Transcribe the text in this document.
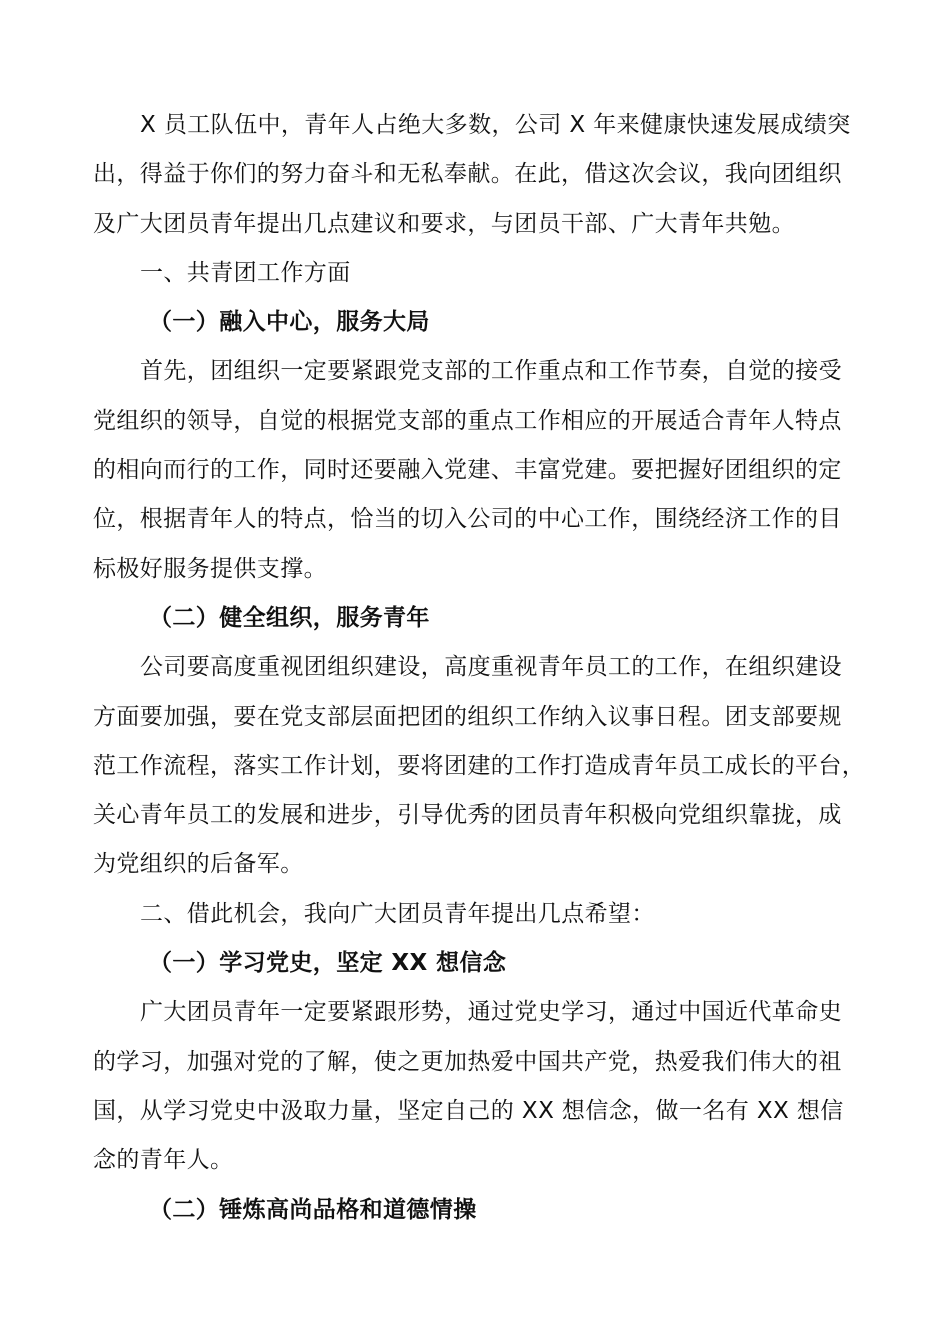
X 员工队伍中，青年人占绝大多数，公司 X 年来健康快速发展成绩突
出，得益于你们的努力奋斗和无私奉献。在此，借这次会议，我向团组织
及广大团员青年提出几点建议和要求，与团员干部、广大青年共勉。
一、共青团工作方面
（一）融入中心，服务大局
首先，团组织一定要紧跟党支部的工作重点和工作节奏，自觉的接受
党组织的领导，自觉的根据党支部的重点工作相应的开展适合青年人特点
的相向而行的工作，同时还要融入党建、丰富党建。要把握好团组织的定
位，根据青年人的特点，恰当的切入公司的中心工作，围绕经济工作的目
标极好服务提供支撑。
（二）健全组织，服务青年
公司要高度重视团组织建设，高度重视青年员工的工作，在组织建设
方面要加强，要在党支部层面把团的组织工作纳入议事日程。团支部要规
范工作流程，落实工作计划，要将团建的工作打造成青年员工成长的平台，
关心青年员工的发展和进步，引导优秀的团员青年积极向党组织靠拢，成
为党组织的后备军。
二、借此机会，我向广大团员青年提出几点希望：
（一）学习党史，坚定 XX 想信念
广大团员青年一定要紧跟形势，通过党史学习，通过中国近代革命史
的学习，加强对党的了解，使之更加热爱中国共产党，热爱我们伟大的祖
国，从学习党史中汲取力量，坚定自己的 XX 想信念，做一名有 XX 想信
念的青年人。
（二）锤炼高尚品格和道德情操
